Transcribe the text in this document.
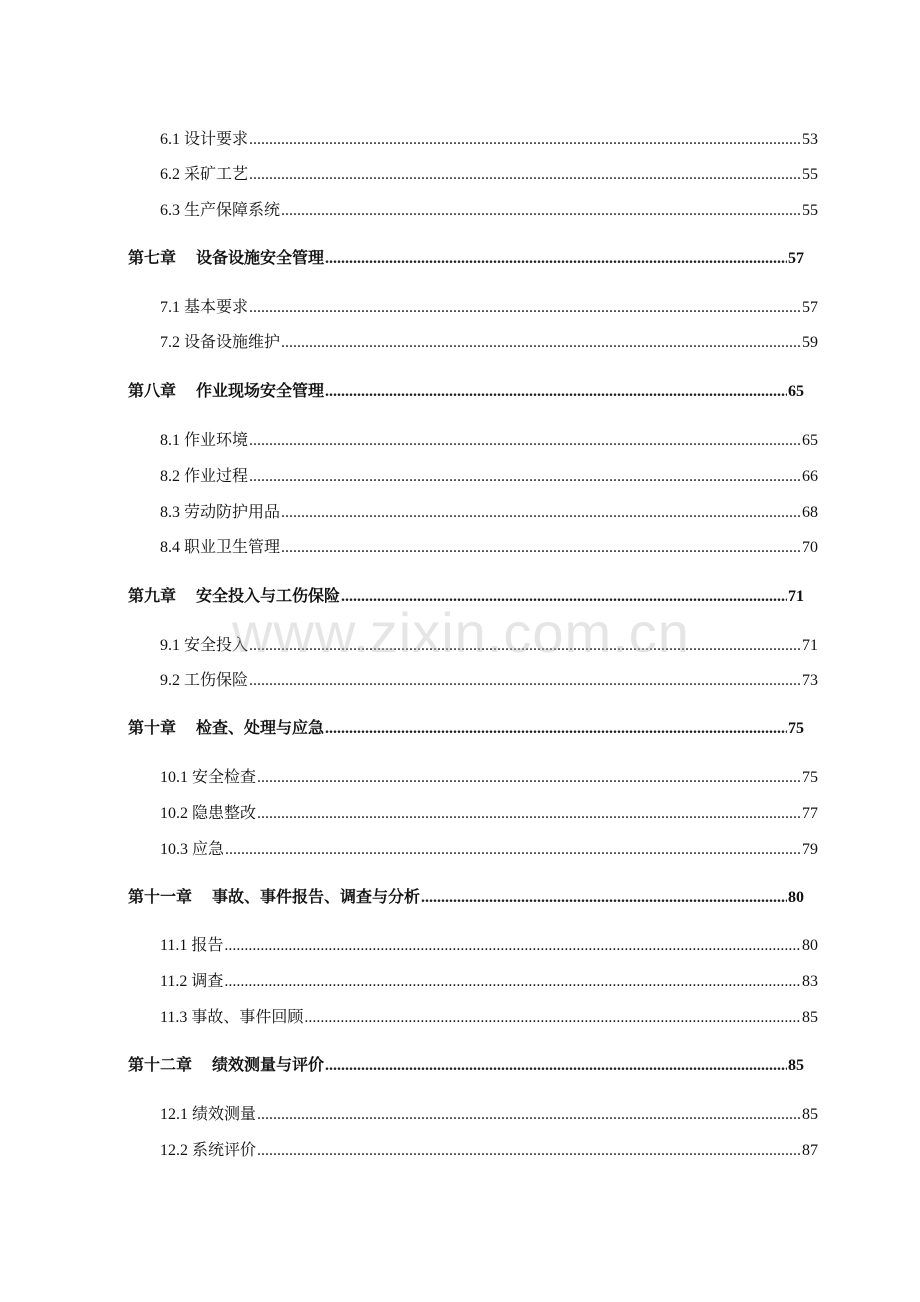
6.1 设计要求 .....	53
6.2 采矿工艺 .....	55
6.3 生产保障系统 .....	55
第七章 设备设施安全管理 .....	57
7.1 基本要求 .....	57
7.2 设备设施维护 .....	59
第八章 作业现场安全管理 .....	65
8.1 作业环境 .....	65
8.2 作业过程 .....	66
8.3 劳动防护用品 .....	68
8.4 职业卫生管理 .....	70
第九章 安全投入与工伤保险 .....	71
9.1 安全投入 .....	71
9.2 工伤保险 .....	73
第十章 检查、处理与应急 .....	75
10.1 安全检查 .....	75
10.2 隐患整改 .....	77
10.3 应急 .....	79
第十一章 事故、事件报告、调查与分析 .....	80
11.1 报告 .....	80
11.2 调查 .....	83
11.3 事故、事件回顾 .....	85
第十二章 绩效测量与评价 .....	85
12.1 绩效测量 .....	85
12.2 系统评价 .....	87
www.zixin.com.cn
